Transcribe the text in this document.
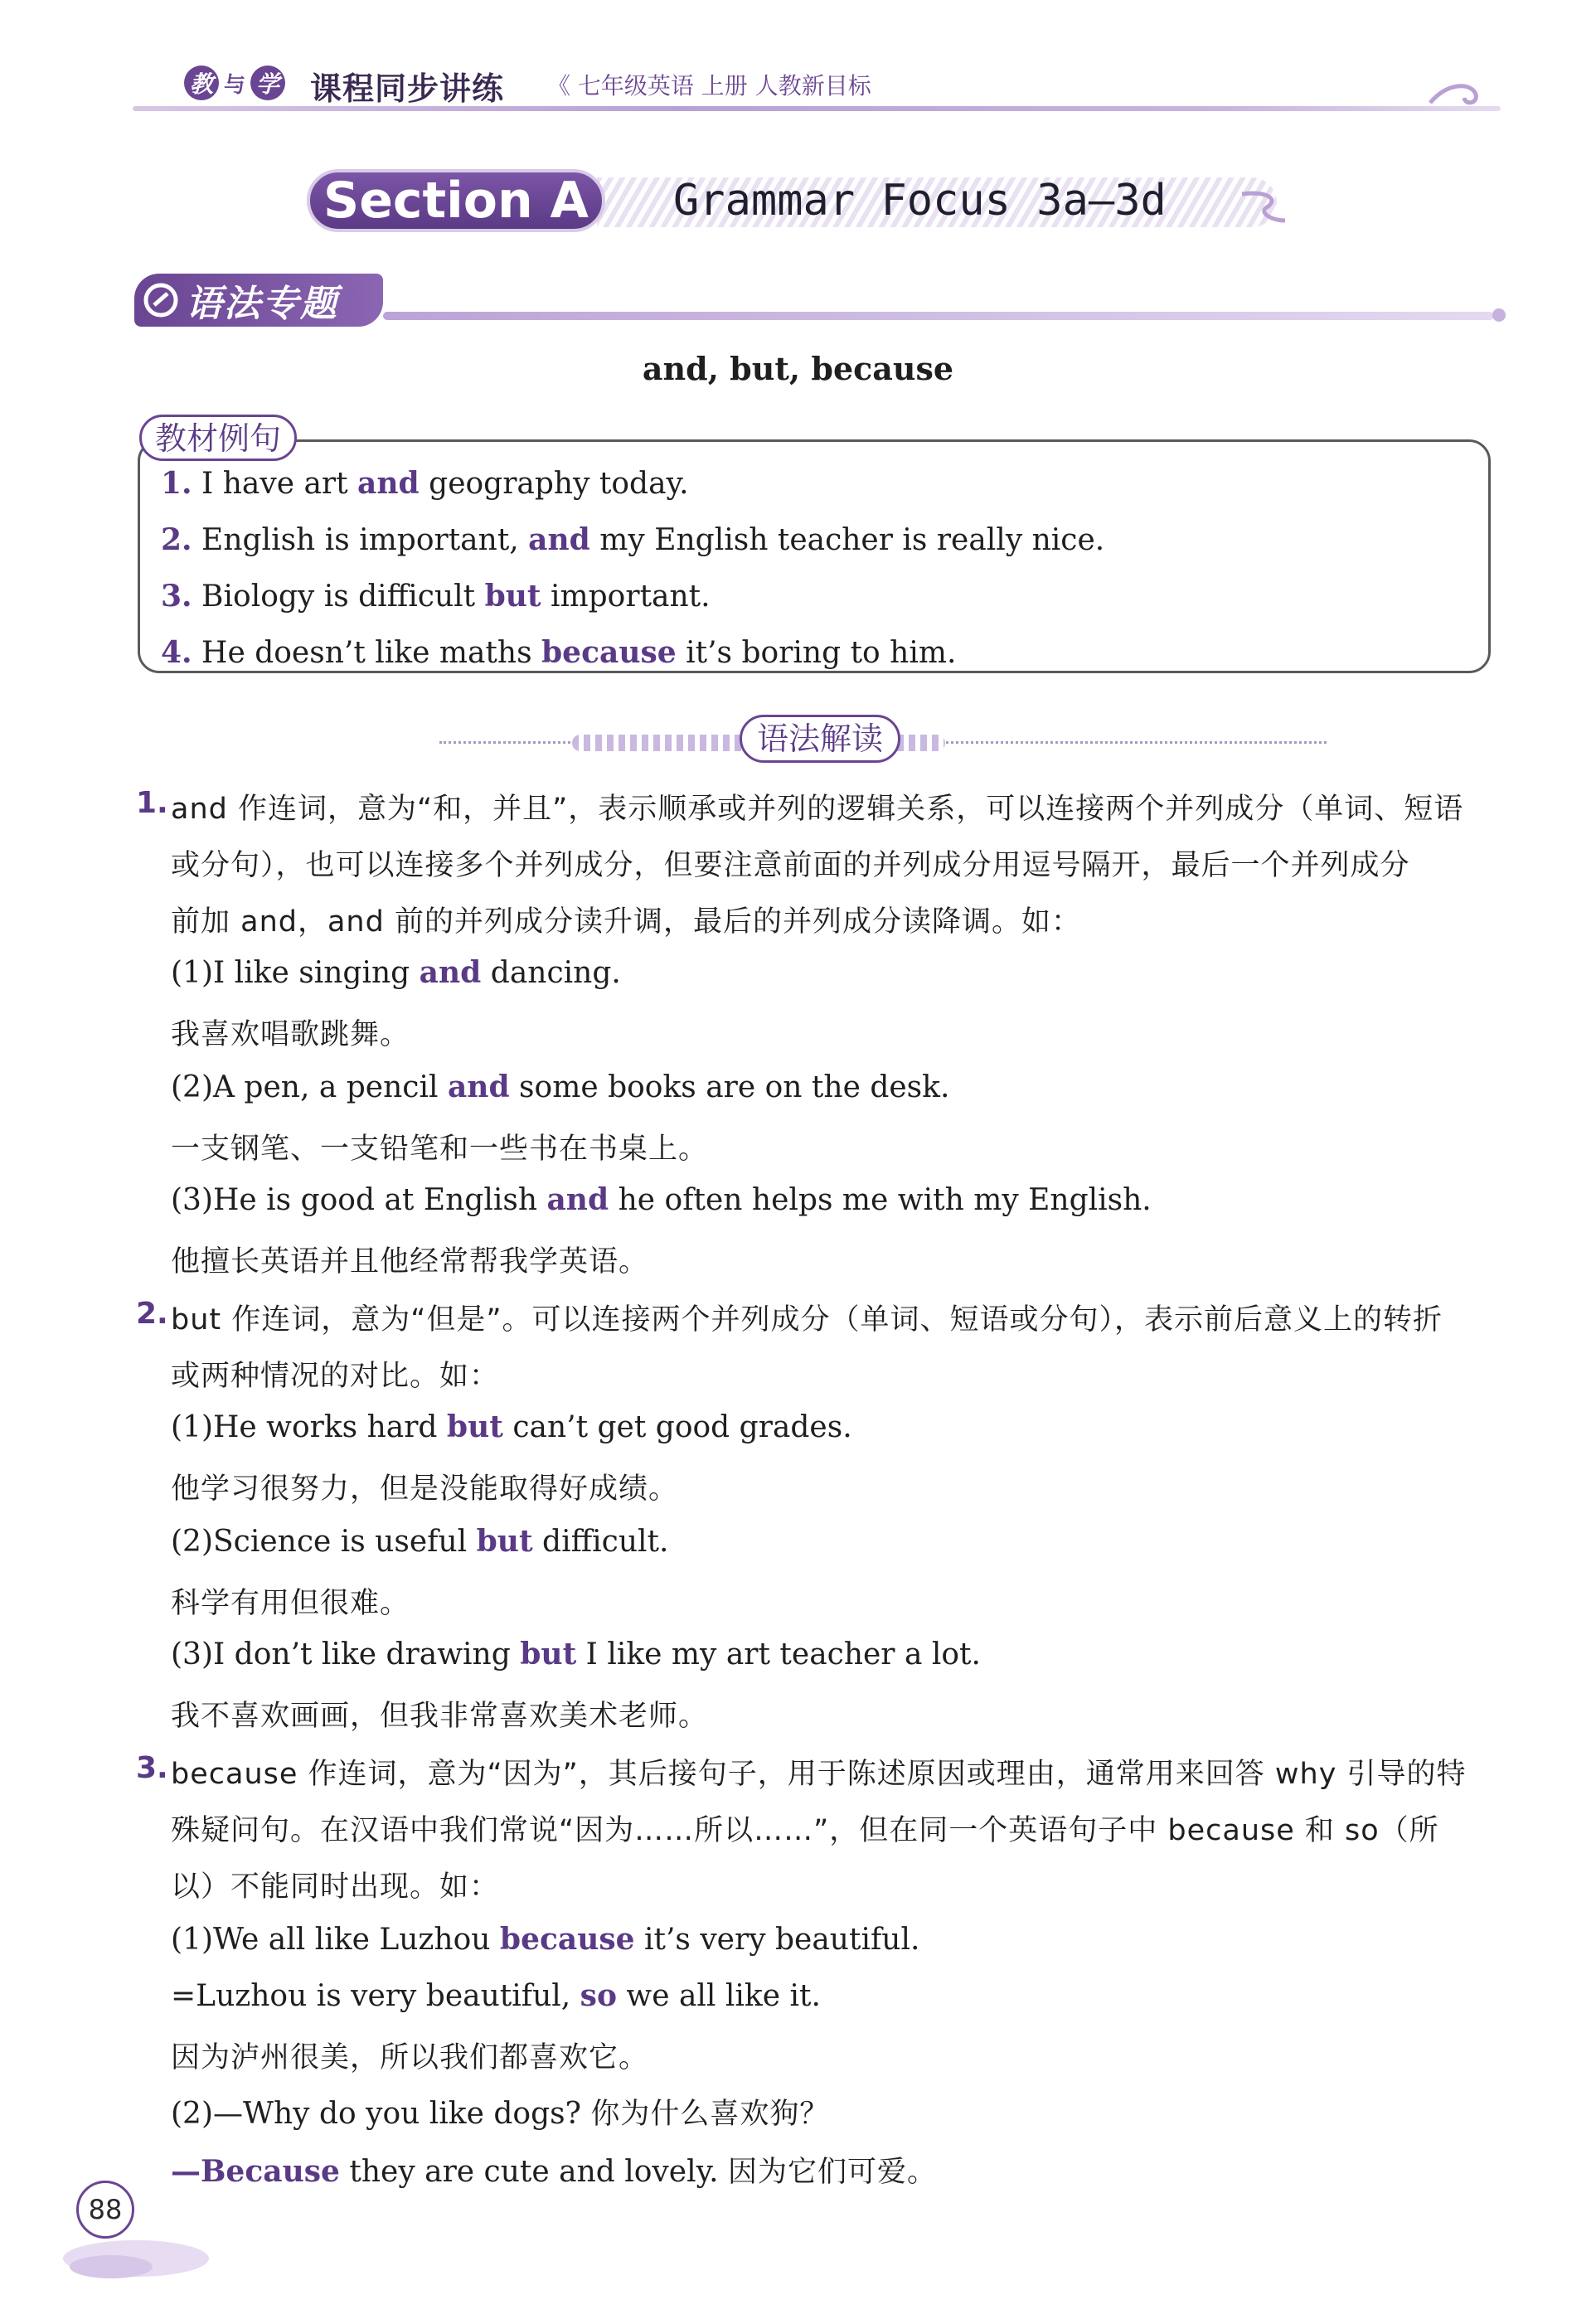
教 与 学 课程同步讲练 《 七年级英语 上册 人教新目标
Section A	Grammar Focus 3a—3d
语法专题
and, but, because
教材例句
1. I have art and geography today.
2. English is important, and my English teacher is really nice.
3. Biology is difficult but important.
4. He doesn’t like maths because it’s boring to him.
语法解读
1. and 作连词，意为“和，并且”，表示顺承或并列的逻辑关系，可以连接两个并列成分（单词、短语
或分句），也可以连接多个并列成分，但要注意前面的并列成分用逗号隔开，最后一个并列成分
前加 and，and 前的并列成分读升调，最后的并列成分读降调。如：
(1)I like singing and dancing.
我喜欢唱歌跳舞。
(2)A pen, a pencil and some books are on the desk.
一支钢笔、一支铅笔和一些书在书桌上。
(3)He is good at English and he often helps me with my English.
他擅长英语并且他经常帮我学英语。
2. but 作连词，意为“但是”。可以连接两个并列成分（单词、短语或分句），表示前后意义上的转折
或两种情况的对比。如：
(1)He works hard but can’t get good grades.
他学习很努力，但是没能取得好成绩。
(2)Science is useful but difficult.
科学有用但很难。
(3)I don’t like drawing but I like my art teacher a lot.
我不喜欢画画，但我非常喜欢美术老师。
3. because 作连词，意为“因为”，其后接句子，用于陈述原因或理由，通常用来回答 why 引导的特
殊疑问句。在汉语中我们常说“因为……所以……”，但在同一个英语句子中 because 和 so（所
以）不能同时出现。如：
(1)We all like Luzhou because it’s very beautiful.
=Luzhou is very beautiful, so we all like it.
因为泸州很美，所以我们都喜欢它。
(2)—Why do you like dogs? 你为什么喜欢狗？
—Because they are cute and lovely. 因为它们可爱。
88
